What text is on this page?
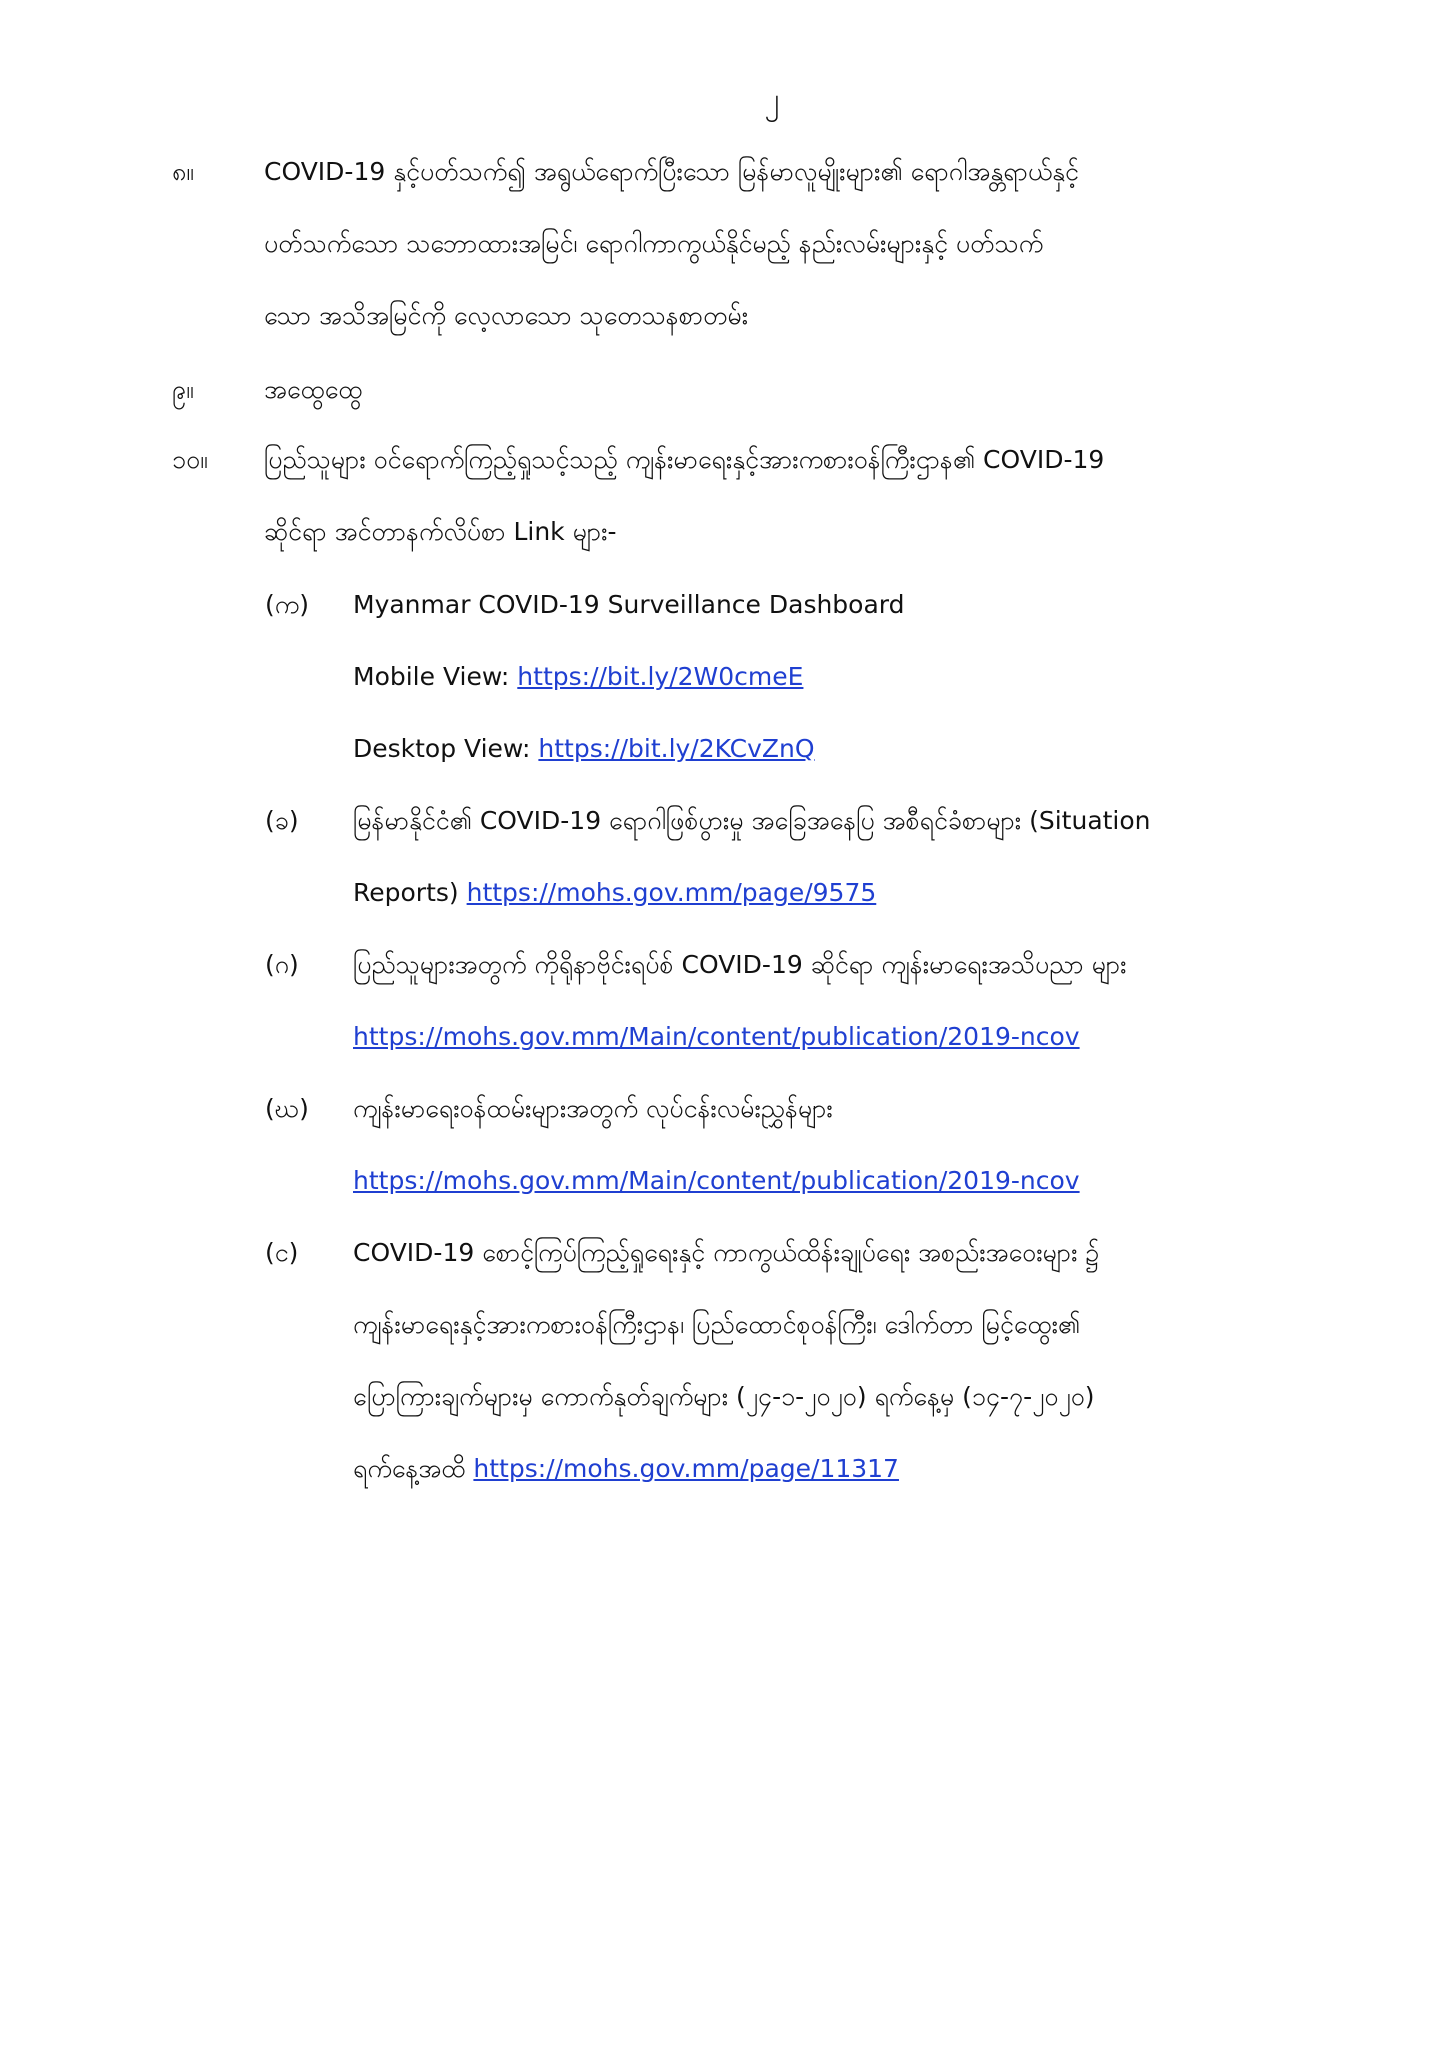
၂
၈။	COVID-19 နှင့်ပတ်သက်၍ အရွယ်ရောက်ပြီးသော မြန်မာလူမျိုးများ၏ ရောဂါအန္တရာယ်နှင့်
ပတ်သက်သော သဘောထားအမြင်၊ ရောဂါကာကွယ်နိုင်မည့် နည်းလမ်းများနှင့် ပတ်သက်
သော အသိအမြင်ကို လေ့လာသော သုတေသနစာတမ်း
၉။	အထွေထွေ
၁၀။	ပြည်သူများ ဝင်ရောက်ကြည့်ရှုသင့်သည့် ကျန်းမာရေးနှင့်အားကစားဝန်ကြီးဌာန၏ COVID-19
ဆိုင်ရာ အင်တာနက်လိပ်စာ Link များ-
(က)	Myanmar COVID-19 Surveillance Dashboard
Mobile View: https://bit.ly/2W0cmeE
Desktop View: https://bit.ly/2KCvZnQ
(ခ)	မြန်မာနိုင်ငံ၏ COVID-19 ရောဂါဖြစ်ပွားမှု အခြေအနေပြ အစီရင်ခံစာများ (Situation
Reports) https://mohs.gov.mm/page/9575
(ဂ)	ပြည်သူများအတွက် ကိုရိုနာဗိုင်းရပ်စ် COVID-19 ဆိုင်ရာ ကျန်းမာရေးအသိပညာ များ
https://mohs.gov.mm/Main/content/publication/2019-ncov
(ဃ)	ကျန်းမာရေးဝန်ထမ်းများအတွက် လုပ်ငန်းလမ်းညွှန်များ
https://mohs.gov.mm/Main/content/publication/2019-ncov
(င)	COVID-19 စောင့်ကြပ်ကြည့်ရှုရေးနှင့် ကာကွယ်ထိန်းချုပ်ရေး အစည်းအဝေးများ ၌
ကျန်းမာရေးနှင့်အားကစားဝန်ကြီးဌာန၊ ပြည်ထောင်စုဝန်ကြီး၊ ဒေါက်တာ မြင့်ထွေး၏
ပြောကြားချက်များမှ ကောက်နုတ်ချက်များ (၂၄-၁-၂၀၂၀) ရက်နေ့မှ (၁၄-၇-၂၀၂၀)
ရက်နေ့အထိ https://mohs.gov.mm/page/11317
